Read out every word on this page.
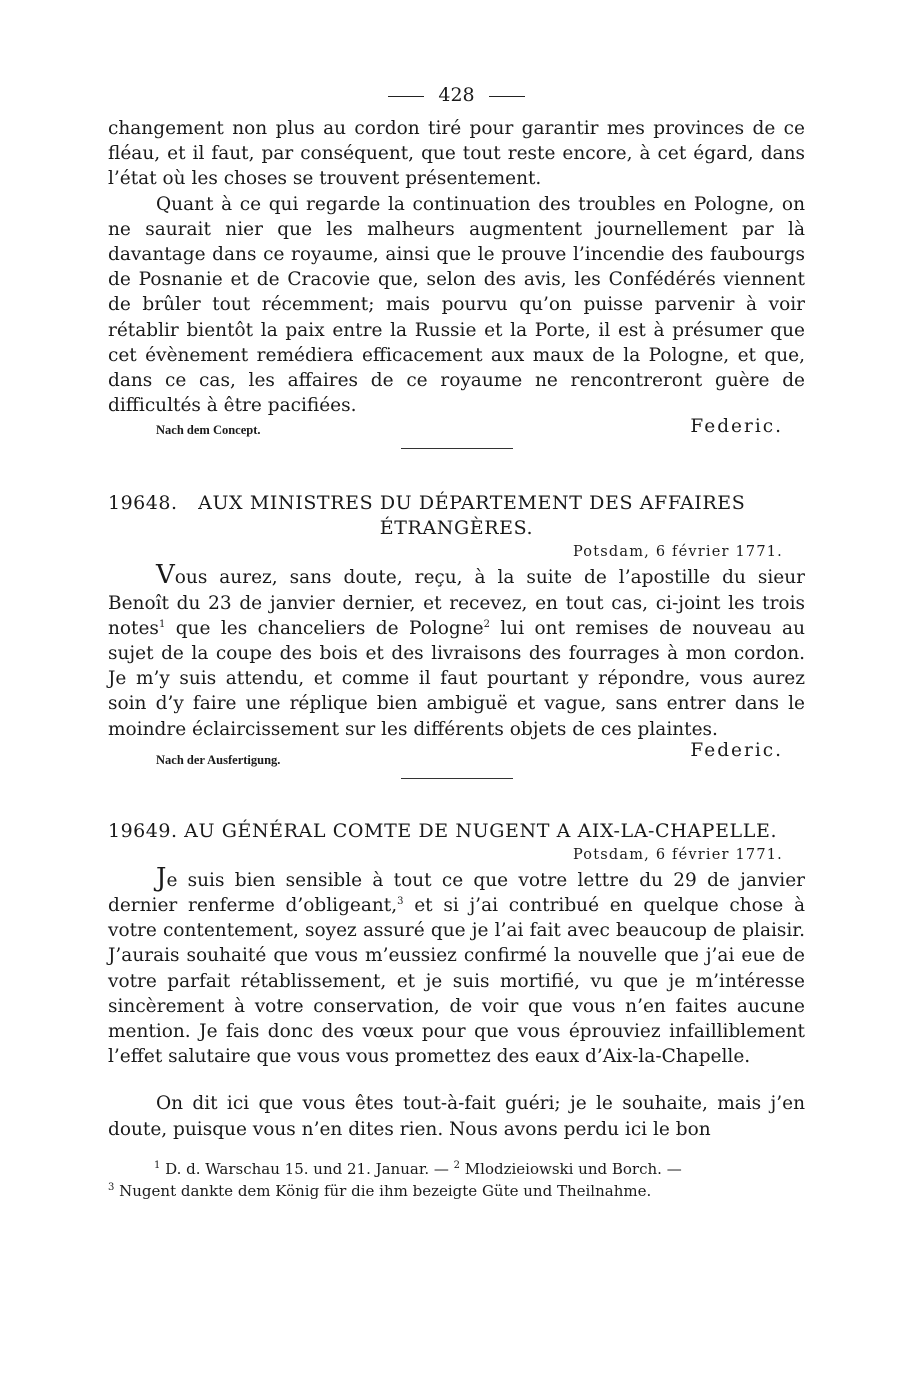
428

changement non plus au cordon tiré pour garantir mes provinces de ce fléau, et il faut, par conséquent, que tout reste encore, à cet égard, dans l’état où les choses se trouvent présentement.

Quant à ce qui regarde la continuation des troubles en Pologne, on ne saurait nier que les malheurs augmentent journellement par là davantage dans ce royaume, ainsi que le prouve l’incendie des faubourgs de Posnanie et de Cracovie que, selon des avis, les Confédérés viennent de brûler tout récemment; mais pourvu qu’on puisse parvenir à voir rétablir bientôt la paix entre la Russie et la Porte, il est à présumer que cet évènement remédiera efficacement aux maux de la Pologne, et que, dans ce cas, les affaires de ce royaume ne rencontreront guère de difficultés à être pacifiées.

Federic.
Nach dem Concept.
19648. AUX MINISTRES DU DÉPARTEMENT DES AFFAIRES
ÉTRANGÈRES.
Potsdam, 6 février 1771.

Vous aurez, sans doute, reçu, à la suite de l’apostille du sieur Benoît du 23 de janvier dernier, et recevez, en tout cas, ci-joint les trois notes$^1$ que les chanceliers de Pologne$^2$ lui ont remises de nouveau au sujet de la coupe des bois et des livraisons des fourrages à mon cordon. Je m’y suis attendu, et comme il faut pourtant y répondre, vous aurez soin d’y faire une réplique bien ambiguë et vague, sans entrer dans le moindre éclaircissement sur les différents objets de ces plaintes.

Federic.
Nach der Ausfertigung.
19649. AU GÉNÉRAL COMTE DE NUGENT A AIX-LA-CHAPELLE.
Potsdam, 6 février 1771.

Je suis bien sensible à tout ce que votre lettre du 29 de janvier dernier renferme d’obligeant,$^3$ et si j’ai contribué en quelque chose à votre contentement, soyez assuré que je l’ai fait avec beaucoup de plaisir. J’aurais souhaité que vous m’eussiez confirmé la nouvelle que j’ai eue de votre parfait rétablissement, et je suis mortifié, vu que je m’intéresse sincèrement à votre conservation, de voir que vous n’en faites aucune mention. Je fais donc des vœux pour que vous éprouviez infailliblement l’effet salutaire que vous vous promettez des eaux d’Aix-la-Chapelle.

On dit ici que vous êtes tout-à-fait guéri; je le souhaite, mais j’en doute, puisque vous n’en dites rien. Nous avons perdu ici le bon

$^1$ D. d. Warschau 15. und 21. Januar. — $^2$ Mlodzieiowski und Borch. —
$^3$ Nugent dankte dem König für die ihm bezeigte Güte und Theilnahme.
